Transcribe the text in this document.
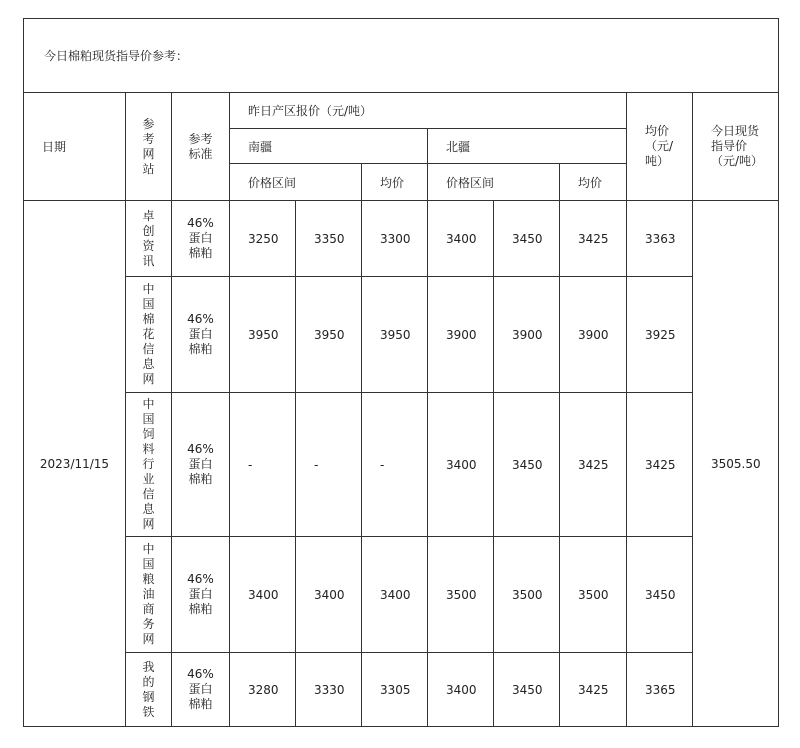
今日棉粕现货指导价参考：										
日期	参考网站	参考标准	昨日产区报价（元/吨）						均价（元/吨）	今日现货指导价（元/吨）

			南疆			北疆				
			价格区间		均价	价格区间		均价		
2023/11/15	卓创资讯	46%蛋白棉粕	3250	3350	3300	3400	3450	3425	3363	3505.50

	中国棉花信息网	46%蛋白棉粕	3950	3950	3950	3900	3900	3900	3925	

	中国饲料行业信息网	46%蛋白棉粕	-	-	-	3400	3450	3425	3425	

	中国粮油商务网	46%蛋白棉粕	3400	3400	3400	3500	3500	3500	3450	

	我的钢铁	46%蛋白棉粕	3280	3330	3305	3400	3450	3425	3365	
